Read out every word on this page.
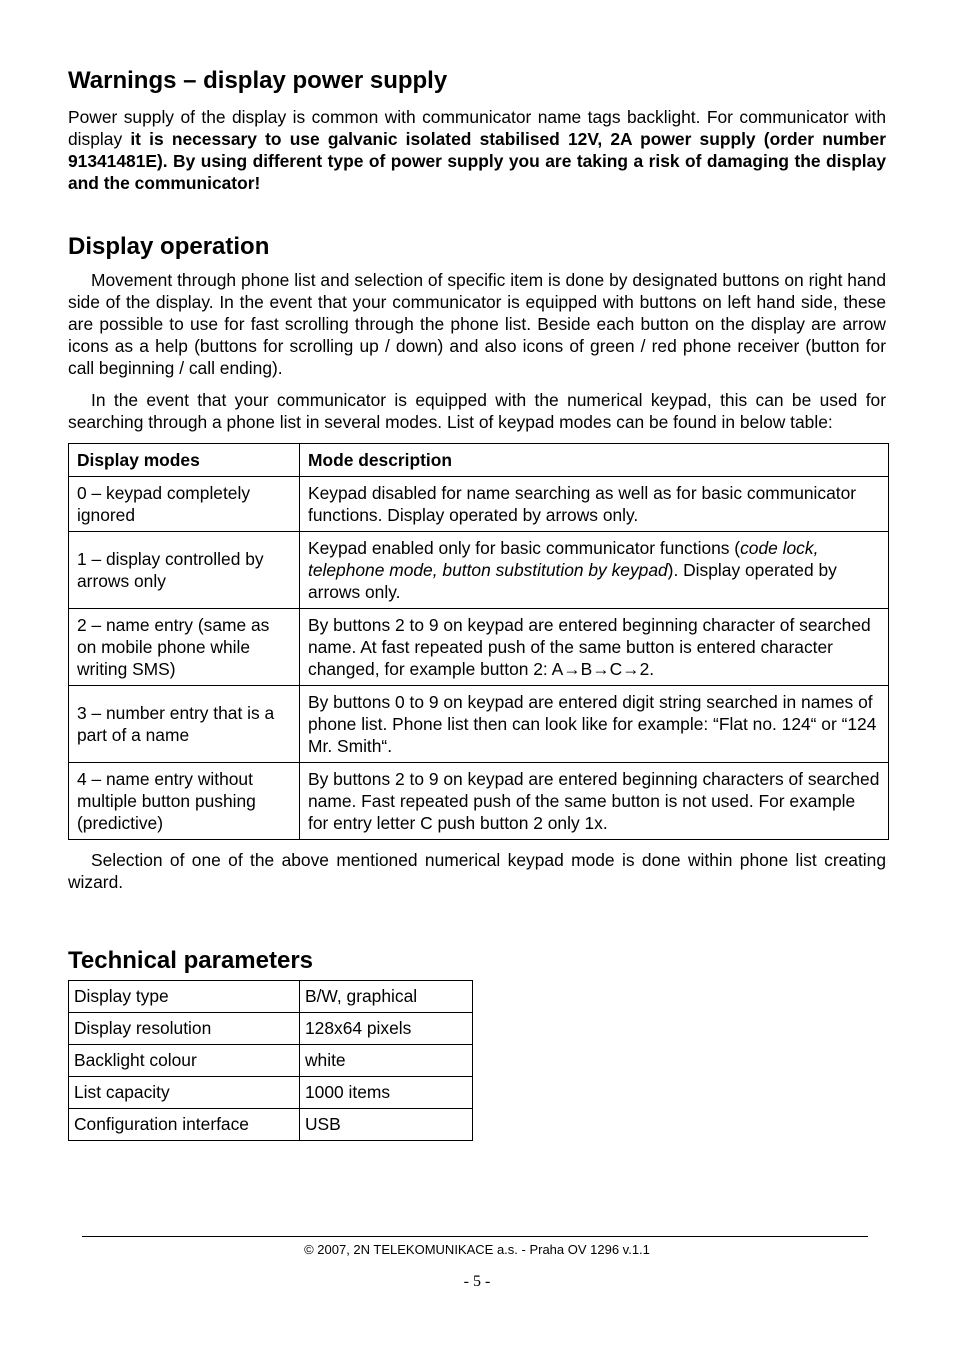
Warnings – display power supply

Power supply of the display is common with communicator name tags backlight. For communicator with display it is necessary to use galvanic isolated stabilised 12V, 2A power supply (order number 91341481E). By using different type of power supply you are taking a risk of damaging the display and the communicator!

Display operation

Movement through phone list and selection of specific item is done by designated buttons on right hand side of the display. In the event that your communicator is equipped with buttons on left hand side, these are possible to use for fast scrolling through the phone list. Beside each button on the display are arrow icons as a help (buttons for scrolling up / down) and also icons of green / red phone receiver (button for call beginning / call ending).

In the event that your communicator is equipped with the numerical keypad, this can be used for searching through a phone list in several modes. List of keypad modes can be found in below table:

Display modes	Mode description
0 – keypad completely ignored	Keypad disabled for name searching as well as for basic communicator functions. Display operated by arrows only.
1 – display controlled by arrows only	Keypad enabled only for basic communicator functions (code lock, telephone mode, button substitution by keypad). Display operated by arrows only.
2 – name entry (same as on mobile phone while writing SMS)	By buttons 2 to 9 on keypad are entered beginning character of searched name. At fast repeated push of the same button is entered character changed, for example button 2: A→B→C→2.
3 – number entry that is a part of a name	By buttons 0 to 9 on keypad are entered digit string searched in names of phone list. Phone list then can look like for example: “Flat no. 124“ or “124 Mr. Smith“.
4 – name entry without multiple button pushing (predictive)	By buttons 2 to 9 on keypad are entered beginning characters of searched name. Fast repeated push of the same button is not used. For example for entry letter C push button 2 only 1x.

Selection of one of the above mentioned numerical keypad mode is done within phone list creating wizard.

Technical parameters
Display type	B/W, graphical
Display resolution	128x64 pixels
Backlight colour	white
List capacity	1000 items
Configuration interface	USB
© 2007, 2N TELEKOMUNIKACE a.s. - Praha OV 1296 v.1.1
- 5 -
